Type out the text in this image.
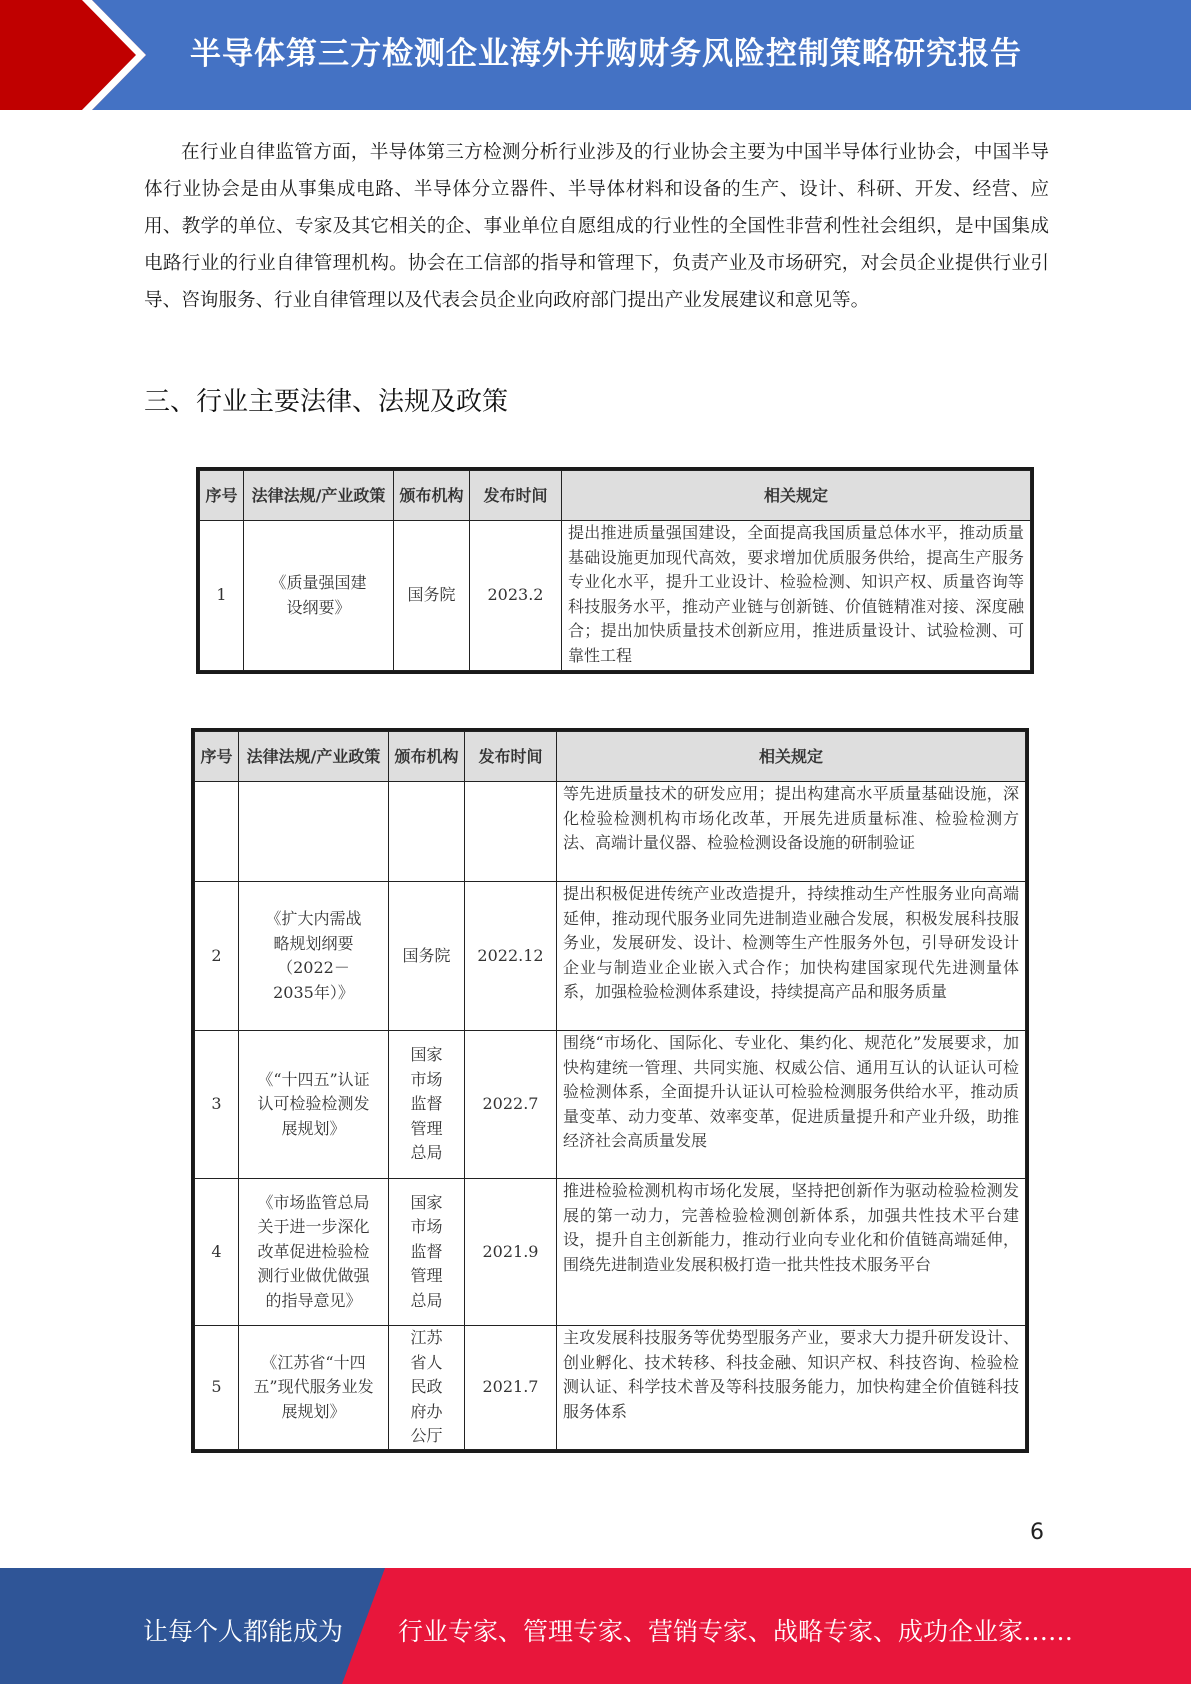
半导体第三方检测企业海外并购财务风险控制策略研究报告

在行业自律监管方面，半导体第三方检测分析行业涉及的行业协会主要为中国半导体行业协会，中国半导体行业协会是由从事集成电路、半导体分立器件、半导体材料和设备的生产、设计、科研、开发、经营、应用、教学的单位、专家及其它相关的企、事业单位自愿组成的行业性的全国性非营利性社会组织，是中国集成电路行业的行业自律管理机构。协会在工信部的指导和管理下，负责产业及市场研究，对会员企业提供行业引导、咨询服务、行业自律管理以及代表会员企业向政府部门提出产业发展建议和意见等。

三、行业主要法律、法规及政策
序号	法律法规/产业政策	颁布机构	发布时间	相关规定
1	《质量强国建设纲要》	国务院	2023.2	提出推进质量强国建设，全面提高我国质量总体水平，推动质量基础设施更加现代高效，要求增加优质服务供给，提高生产服务专业化水平，提升工业设计、检验检测、知识产权、质量咨询等科技服务水平，推动产业链与创新链、价值链精准对接、深度融合；提出加快质量技术创新应用，推进质量设计、试验检测、可靠性工程
序号	法律法规/产业政策	颁布机构	发布时间	相关规定
				等先进质量技术的研发应用；提出构建高水平质量基础设施，深化检验检测机构市场化改革，开展先进质量标准、检验检测方法、高端计量仪器、检验检测设备设施的研制验证
2	《扩大内需战略规划纲要（2022－2035年）》	国务院	2022.12	提出积极促进传统产业改造提升，持续推动生产性服务业向高端延伸，推动现代服务业同先进制造业融合发展，积极发展科技服务业，发展研发、设计、检测等生产性服务外包，引导研发设计企业与制造业企业嵌入式合作；加快构建国家现代先进测量体系，加强检验检测体系建设，持续提高产品和服务质量
3	《“十四五”认证认可检验检测发展规划》	国家市场监督管理总局	2022.7	围绕“市场化、国际化、专业化、集约化、规范化”发展要求，加快构建统一管理、共同实施、权威公信、通用互认的认证认可检验检测体系，全面提升认证认可检验检测服务供给水平，推动质量变革、动力变革、效率变革，促进质量提升和产业升级，助推经济社会高质量发展
4	《市场监管总局关于进一步深化改革促进检验检测行业做优做强的指导意见》	国家市场监督管理总局	2021.9	推进检验检测机构市场化发展，坚持把创新作为驱动检验检测发展的第一动力，完善检验检测创新体系，加强共性技术平台建设，提升自主创新能力，推动行业向专业化和价值链高端延伸，围绕先进制造业发展积极打造一批共性技术服务平台
5	《江苏省“十四五”现代服务业发展规划》	江苏省人民政府办公厅	2021.7	主攻发展科技服务等优势型服务产业，要求大力提升研发设计、创业孵化、技术转移、科技金融、知识产权、科技咨询、检验检测认证、科学技术普及等科技服务能力，加快构建全价值链科技服务体系
6
让每个人都能成为 行业专家、管理专家、营销专家、战略专家、成功企业家……
